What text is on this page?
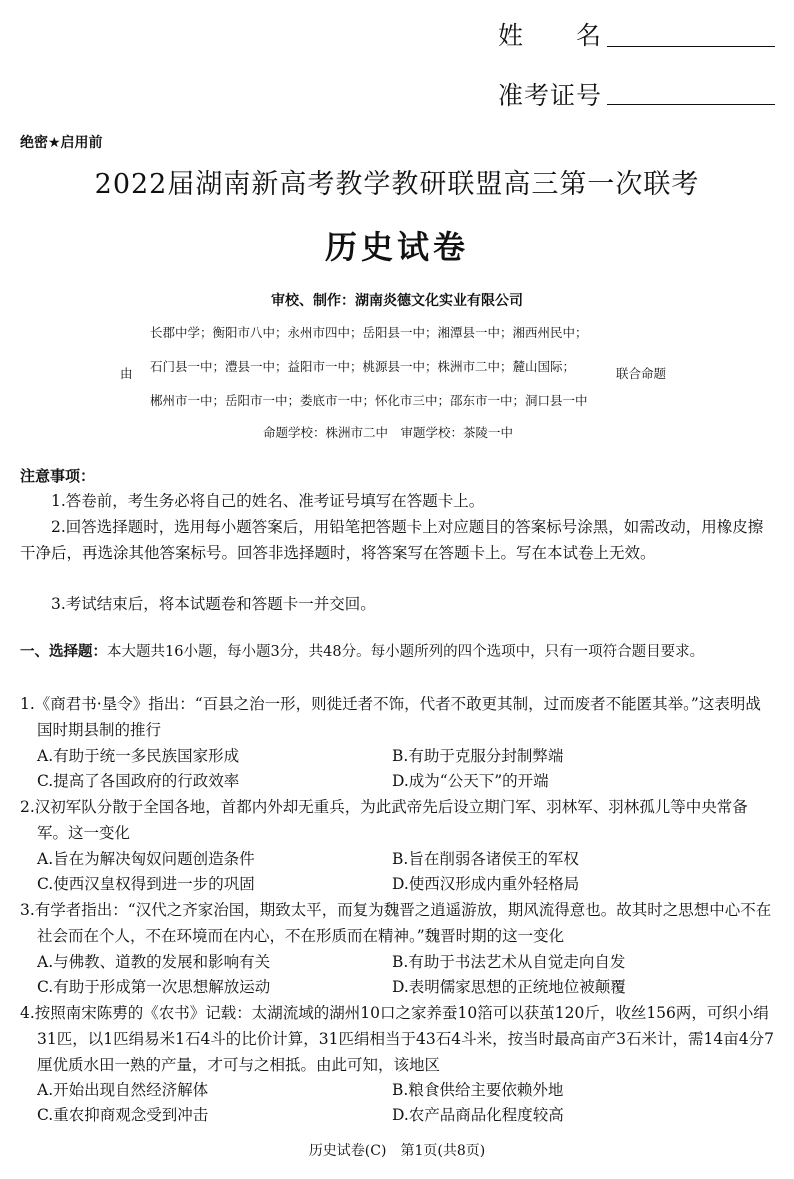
姓　　名
准考证号
绝密★启用前
2022届湖南新高考教学教研联盟高三第一次联考
历史试卷
审校、制作：湖南炎德文化实业有限公司
长郡中学；衡阳市八中；永州市四中；岳阳县一中；湘潭县一中；湘西州民中；
由 石门县一中；澧县一中；益阳市一中；桃源县一中；株洲市二中；麓山国际；	联合命题
郴州市一中；岳阳市一中；娄底市一中；怀化市三中；邵东市一中；洞口县一中
命题学校：株洲市二中　审题学校：茶陵一中
注意事项：
1.答卷前，考生务必将自己的姓名、准考证号填写在答题卡上。
2.回答选择题时，选用每小题答案后，用铅笔把答题卡上对应题目的答案标号涂黑，如需改动，用橡皮擦干净后，再选涂其他答案标号。回答非选择题时，将答案写在答题卡上。写在本试卷上无效。
3.考试结束后，将本试题卷和答题卡一并交回。
一、选择题：本大题共16小题，每小题3分，共48分。每小题所列的四个选项中，只有一项符合题目要求。
1.《商君书·垦令》指出：“百县之治一形，则徙迁者不饰，代者不敢更其制，过而废者不能匿其举。”这表明战国时期县制的推行
A.有助于统一多民族国家形成	B.有助于克服分封制弊端
C.提高了各国政府的行政效率	D.成为“公天下”的开端
2.汉初军队分散于全国各地，首都内外却无重兵，为此武帝先后设立期门军、羽林军、羽林孤儿等中央常备军。这一变化
A.旨在为解决匈奴问题创造条件	B.旨在削弱各诸侯王的军权
C.使西汉皇权得到进一步的巩固	D.使西汉形成内重外轻格局
3.有学者指出：“汉代之齐家治国，期致太平，而复为魏晋之逍遥游放，期风流得意也。故其时之思想中心不在社会而在个人，不在环境而在内心，不在形质而在精神。”魏晋时期的这一变化
A.与佛教、道教的发展和影响有关	B.有助于书法艺术从自觉走向自发
C.有助于形成第一次思想解放运动	D.表明儒家思想的正统地位被颠覆
4.按照南宋陈旉的《农书》记载：太湖流域的湖州10口之家养蚕10箔可以获茧120斤，收丝156两，可织小绢31匹，以1匹绢易米1石4斗的比价计算，31匹绢相当于43石4斗米，按当时最高亩产3石米计，需14亩4分7厘优质水田一熟的产量，才可与之相抵。由此可知，该地区
A.开始出现自然经济解体	B.粮食供给主要依赖外地
C.重农抑商观念受到冲击	D.农产品商品化程度较高
历史试卷(C)　第1页(共8页)
